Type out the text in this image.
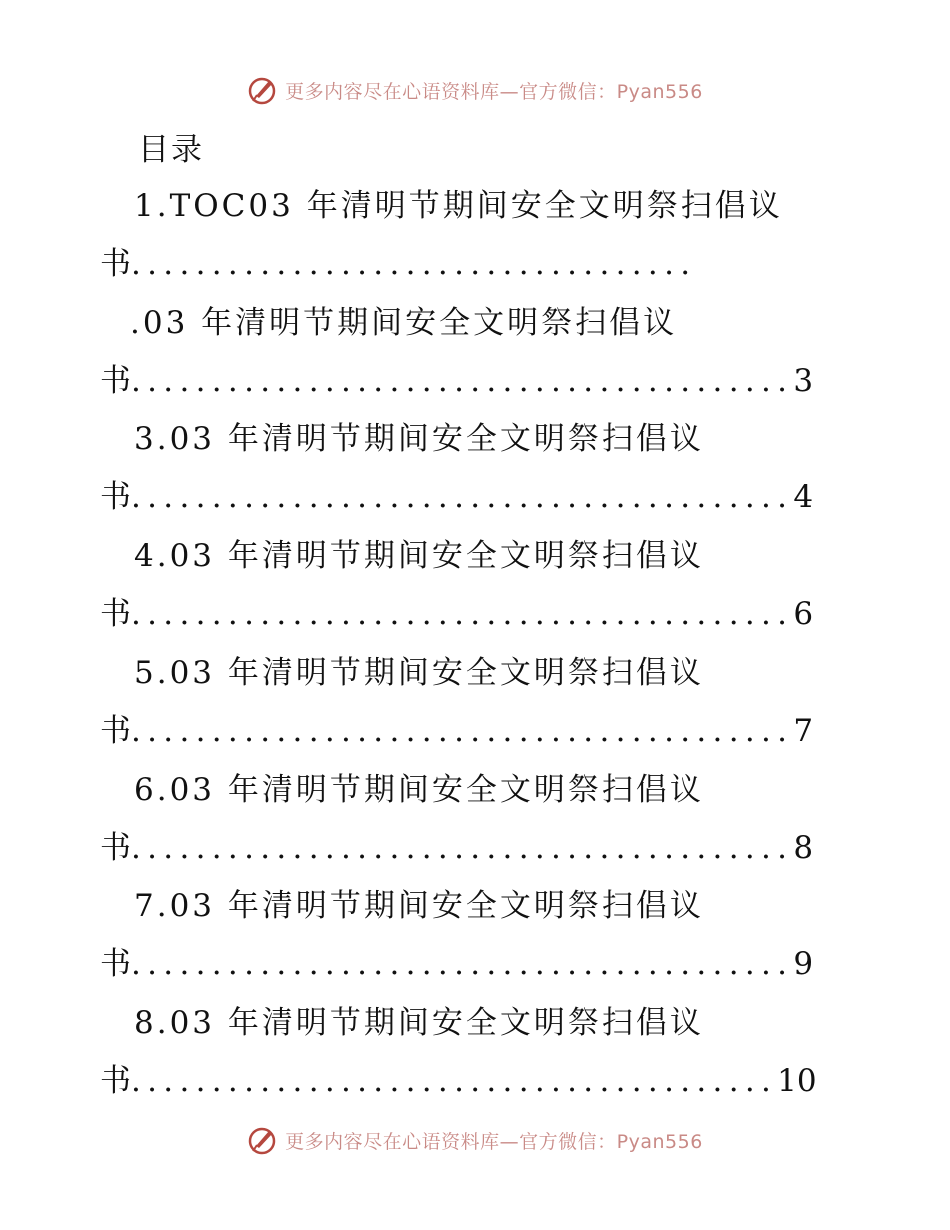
更多内容尽在心语资料库—官方微信：Pyan556
目录
1.TOC03 年清明节期间安全文明祭扫倡议
书 ...................................
.03 年清明节期间安全文明祭扫倡议
书 ......................................... 3
3.03 年清明节期间安全文明祭扫倡议
书 ......................................... 4
4.03 年清明节期间安全文明祭扫倡议
书 ......................................... 6
5.03 年清明节期间安全文明祭扫倡议
书 ......................................... 7
6.03 年清明节期间安全文明祭扫倡议
书 ......................................... 8
7.03 年清明节期间安全文明祭扫倡议
书 ......................................... 9
8.03 年清明节期间安全文明祭扫倡议
书 ........................................ 10
更多内容尽在心语资料库—官方微信：Pyan556
